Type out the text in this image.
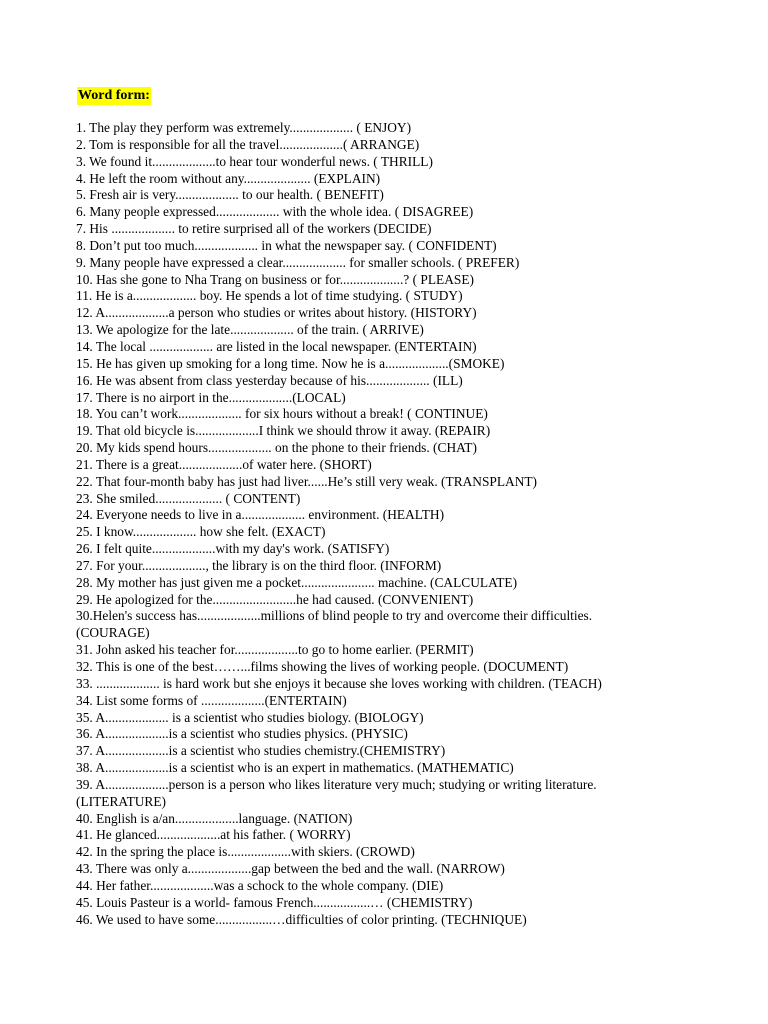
Word form:
1. The play they perform was extremely................... ( ENJOY)
2. Tom is responsible for all the travel...................( ARRANGE)
3. We found it...................to hear tour wonderful news. ( THRILL)
4. He left the room without any.................... (EXPLAIN)
5. Fresh air is very................... to our health. ( BENEFIT)
6. Many people expressed................... with the whole idea. ( DISAGREE)
7. His ................... to retire surprised all of the workers (DECIDE)
8. Don’t put too much................... in what the newspaper say. ( CONFIDENT)
9. Many people have expressed a clear................... for smaller schools. ( PREFER)
10. Has she gone to Nha Trang on business or for...................? ( PLEASE)
11. He is a................... boy. He spends a lot of time studying. ( STUDY)
12. A...................a person who studies or writes about history. (HISTORY)
13. We apologize for the late................... of the train. ( ARRIVE)
14. The local ................... are listed in the local newspaper. (ENTERTAIN)
15. He has given up smoking for a long time. Now he is a...................(SMOKE)
16. He was absent from class yesterday because of his................... (ILL)
17. There is no airport in the...................(LOCAL)
18. You can’t work................... for six hours without a break! ( CONTINUE)
19. That old bicycle is...................I think we should throw it away. (REPAIR)
20. My kids spend hours................... on the phone to their friends. (CHAT)
21. There is a great...................of water here. (SHORT)
22. That four-month baby has just had liver......He’s still very weak. (TRANSPLANT)
23. She smiled.................... ( CONTENT)
24. Everyone needs to live in a................... environment. (HEALTH)
25. I know................... how she felt. (EXACT)
26. I felt quite...................with my day's work. (SATISFY)
27. For your..................., the library is on the third floor. (INFORM)
28. My mother has just given me a pocket...................... machine. (CALCULATE)
29. He apologized for the.........................he had caused. (CONVENIENT)
30.Helen's success has...................millions of blind people to try and overcome their difficulties.
(COURAGE)
31. John asked his teacher for...................to go to home earlier. (PERMIT)
32. This is one of the best……...films showing the lives of working people. (DOCUMENT)
33. ................... is hard work but she enjoys it because she loves working with children. (TEACH)
34. List some forms of ...................(ENTERTAIN)
35. A................... is a scientist who studies biology. (BIOLOGY)
36. A...................is a scientist who studies physics. (PHYSIC)
37. A...................is a scientist who studies chemistry.(CHEMISTRY)
38. A...................is a scientist who is an expert in mathematics. (MATHEMATIC)
39. A...................person is a person who likes literature very much; studying or writing literature.
(LITERATURE)
40. English is a/an...................language. (NATION)
41. He glanced...................at his father. ( WORRY)
42. In the spring the place is...................with skiers. (CROWD)
43. There was only a...................gap between the bed and the wall. (NARROW)
44. Her father...................was a schock to the whole company. (DIE)
45. Louis Pasteur is a world- famous French.................… (CHEMISTRY)
46. We used to have some.................…difficulties of color printing. (TECHNIQUE)
